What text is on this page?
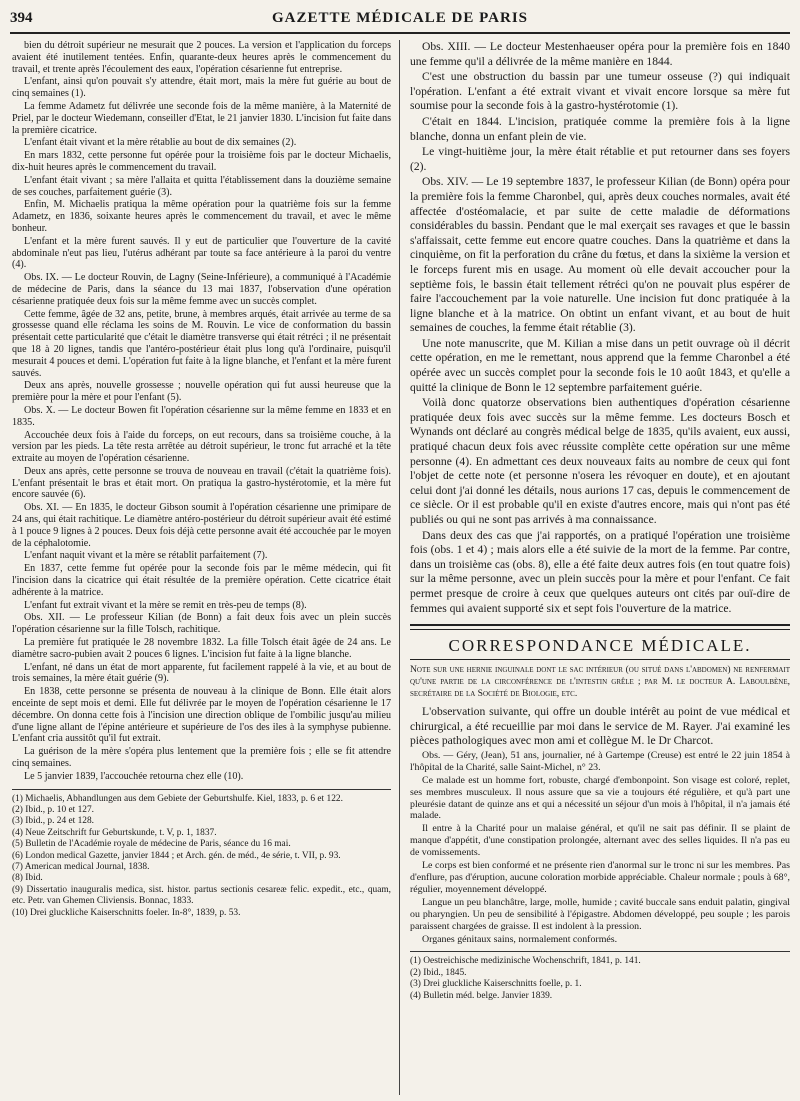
394	GAZETTE MÉDICALE DE PARIS

bien du détroit supérieur ne mesurait que 2 pouces. La version et l'application du forceps avaient été inutilement tentées. Enfin, quarante-deux heures après le commencement du travail, et trente après l'écoulement des eaux, l'opération césarienne fut entreprise.

L'enfant, ainsi qu'on pouvait s'y attendre, était mort, mais la mère fut guérie au bout de cinq semaines (1).

La femme Adametz fut délivrée une seconde fois de la même manière, à la Maternité de Priel, par le docteur Wiedemann, conseiller d'Etat, le 21 janvier 1830. L'incision fut faite dans la première cicatrice.

L'enfant était vivant et la mère rétablie au bout de dix semaines (2).

En mars 1832, cette personne fut opérée pour la troisième fois par le docteur Michaelis, dix-huit heures après le commencement du travail.

L'enfant était vivant ; sa mère l'allaita et quitta l'établissement dans la douzième semaine de ses couches, parfaitement guérie (3).

Enfin, M. Michaelis pratiqua la même opération pour la quatrième fois sur la femme Adametz, en 1836, soixante heures après le commencement du travail, et avec le même bonheur.

L'enfant et la mère furent sauvés. Il y eut de particulier que l'ouverture de la cavité abdominale n'eut pas lieu, l'utérus adhérant par toute sa face antérieure à la paroi du ventre (4).

Obs. IX. — Le docteur Rouvin, de Lagny (Seine-Inférieure), a communiqué à l'Académie de médecine de Paris, dans la séance du 13 mai 1837, l'observation d'une opération césarienne pratiquée deux fois sur la même femme avec un succès complet.

Cette femme, âgée de 32 ans, petite, brune, à membres arqués, était arrivée au terme de sa grossesse quand elle réclama les soins de M. Rouvin. Le vice de conformation du bassin présentait cette particularité que c'était le diamètre transverse qui était rétréci ; il ne présentait que 18 à 20 lignes, tandis que l'antéro-postérieur était plus long qu'à l'ordinaire, puisqu'il mesurait 4 pouces et demi. L'opération fut faite à la ligne blanche, et l'enfant et la mère furent sauvés.

Deux ans après, nouvelle grossesse ; nouvelle opération qui fut aussi heureuse que la première pour la mère et pour l'enfant (5).

Obs. X. — Le docteur Bowen fit l'opération césarienne sur la même femme en 1833 et en 1835.

Accouchée deux fois à l'aide du forceps, on eut recours, dans sa troisième couche, à la version par les pieds. La tête resta arrêtée au détroit supérieur, le tronc fut arraché et la tête extraite au moyen de l'opération césarienne.

Deux ans après, cette personne se trouva de nouveau en travail (c'était la quatrième fois). L'enfant présentait le bras et était mort. On pratiqua la gastro-hystérotomie, et la mère fut encore sauvée (6).

Obs. XI. — En 1835, le docteur Gibson soumit à l'opération césarienne une primipare de 24 ans, qui était rachitique. Le diamètre antéro-postérieur du détroit supérieur avait été estimé à 1 pouce 9 lignes à 2 pouces. Deux fois déjà cette personne avait été accouchée par le moyen de la céphalotomie.

L'enfant naquit vivant et la mère se rétablit parfaitement (7).

En 1837, cette femme fut opérée pour la seconde fois par le même médecin, qui fit l'incision dans la cicatrice qui était résultée de la première opération. Cette cicatrice était adhérente à la matrice.

L'enfant fut extrait vivant et la mère se remit en très-peu de temps (8).

Obs. XII. — Le professeur Kilian (de Bonn) a fait deux fois avec un plein succès l'opération césarienne sur la fille Tolsch, rachitique.

La première fut pratiquée le 28 novembre 1832. La fille Tolsch était âgée de 24 ans. Le diamètre sacro-pubien avait 2 pouces 6 lignes. L'incision fut faite à la ligne blanche.

L'enfant, né dans un état de mort apparente, fut facilement rappelé à la vie, et au bout de trois semaines, la mère était guérie (9).

En 1838, cette personne se présenta de nouveau à la clinique de Bonn. Elle était alors enceinte de sept mois et demi. Elle fut délivrée par le moyen de l'opération césarienne le 17 décembre. On donna cette fois à l'incision une direction oblique de l'ombilic jusqu'au milieu d'une ligne allant de l'épine antérieure et supérieure de l'os des iles à la symphyse pubienne. L'enfant cria aussitôt qu'il fut extrait.

La guérison de la mère s'opéra plus lentement que la première fois ; elle se fit attendre cinq semaines.

Le 5 janvier 1839, l'accouchée retourna chez elle (10).

(1) Michaelis, Abhandlungen aus dem Gebiete der Geburtshulfe. Kiel, 1833, p. 6 et 122.

(2) Ibid., p. 10 et 127.

(3) Ibid., p. 24 et 128.

(4) Neue Zeitschrift fur Geburtskunde, t. V, p. 1, 1837.

(5) Bulletin de l'Académie royale de médecine de Paris, séance du 16 mai.

(6) London medical Gazette, janvier 1844 ; et Arch. gén. de méd., 4e série, t. VII, p. 93.

(7) American medical Journal, 1838.

(8) Ibid.

(9) Dissertatio inauguralis medica, sist. histor. partus sectionis cesareæ felic. expedit., etc., quam, etc. Petr. van Ghemen Cliviensis. Bonnac, 1833.

(10) Drei gluckliche Kaiserschnitts foeler. In-8°, 1839, p. 53.

Obs. XIII. — Le docteur Mestenhaeuser opéra pour la première fois en 1840 une femme qu'il a délivrée de la même manière en 1844.

C'est une obstruction du bassin par une tumeur osseuse (?) qui indiquait l'opération. L'enfant a été extrait vivant et vivait encore lorsque sa mère fut soumise pour la seconde fois à la gastro-hystérotomie (1).

C'était en 1844. L'incision, pratiquée comme la première fois à la ligne blanche, donna un enfant plein de vie.

Le vingt-huitième jour, la mère était rétablie et put retourner dans ses foyers (2).

Obs. XIV. — Le 19 septembre 1837, le professeur Kilian (de Bonn) opéra pour la première fois la femme Charonbel, qui, après deux couches normales, avait été affectée d'ostéomalacie, et par suite de cette maladie de déformations considérables du bassin. Pendant que le mal exerçait ses ravages et que le bassin s'affaissait, cette femme eut encore quatre couches. Dans la quatrième et dans la cinquième, on fit la perforation du crâne du fœtus, et dans la sixième la version et le forceps furent mis en usage. Au moment où elle devait accoucher pour la septième fois, le bassin était tellement rétréci qu'on ne pouvait plus espérer de faire l'accouchement par la voie naturelle. Une incision fut donc pratiquée à la ligne blanche et à la matrice. On obtint un enfant vivant, et au bout de huit semaines de couches, la femme était rétablie (3).

Une note manuscrite, que M. Kilian a mise dans un petit ouvrage où il décrit cette opération, en me le remettant, nous apprend que la femme Charonbel a été opérée avec un succès complet pour la seconde fois le 10 août 1843, et qu'elle a quitté la clinique de Bonn le 12 septembre parfaitement guérie.

Voilà donc quatorze observations bien authentiques d'opération césarienne pratiquée deux fois avec succès sur la même femme. Les docteurs Bosch et Wynands ont déclaré au congrès médical belge de 1835, qu'ils avaient, eux aussi, pratiqué chacun deux fois avec réussite complète cette opération sur une même personne (4). En admettant ces deux nouveaux faits au nombre de ceux qui font l'objet de cette note (et personne n'osera les révoquer en doute), et en ajoutant celui dont j'ai donné les détails, nous aurions 17 cas, depuis le commencement de ce siècle. Or il est probable qu'il en existe d'autres encore, mais qui n'ont pas été publiés ou qui ne sont pas arrivés à ma connaissance.

Dans deux des cas que j'ai rapportés, on a pratiqué l'opération une troisième fois (obs. 1 et 4) ; mais alors elle a été suivie de la mort de la femme. Par contre, dans un troisième cas (obs. 8), elle a été faite deux autres fois (en tout quatre fois) sur la même personne, avec un plein succès pour la mère et pour l'enfant. Ce fait permet presque de croire à ceux que quelques auteurs ont cités par ouï-dire de femmes qui avaient supporté six et sept fois l'ouverture de la matrice.

CORRESPONDANCE MÉDICALE.
Note sur une hernie inguinale dont le sac intérieur (ou situé dans l'abdomen) ne renfermait qu'une partie de la circonférence de l'intestin grêle ; par M. le docteur A. Laboulbène, secrétaire de la Société de Biologie, etc.

L'observation suivante, qui offre un double intérêt au point de vue médical et chirurgical, a été recueillie par moi dans le service de M. Rayer. J'ai examiné les pièces pathologiques avec mon ami et collègue M. le Dr Charcot.

Obs. — Géry, (Jean), 51 ans, journalier, né à Gartempe (Creuse) est entré le 22 juin 1854 à l'hôpital de la Charité, salle Saint-Michel, n° 23.

Ce malade est un homme fort, robuste, chargé d'embonpoint. Son visage est coloré, replet, ses membres musculeux. Il nous assure que sa vie a toujours été régulière, et qu'à part une pleurésie datant de quinze ans et qui a nécessité un séjour d'un mois à l'hôpital, il n'a jamais été malade.

Il entre à la Charité pour un malaise général, et qu'il ne sait pas définir. Il se plaint de manque d'appétit, d'une constipation prolongée, alternant avec des selles liquides. Il n'a pas eu de vomissements.

Le corps est bien conformé et ne présente rien d'anormal sur le tronc ni sur les membres. Pas d'enflure, pas d'éruption, aucune coloration morbide appréciable. Chaleur normale ; pouls à 68°, régulier, moyennement développé.

Langue un peu blanchâtre, large, molle, humide ; cavité buccale sans enduit palatin, gingival ou pharyngien. Un peu de sensibilité à l'épigastre. Abdomen développé, peu souple ; les parois paraissent chargées de graisse. Il est indolent à la pression.

Organes génitaux sains, normalement conformés.

(1) Oestreichische medizinische Wochenschrift, 1841, p. 141.

(2) Ibid., 1845.

(3) Drei gluckliche Kaiserschnitts foelle, p. 1.

(4) Bulletin méd. belge. Janvier 1839.
